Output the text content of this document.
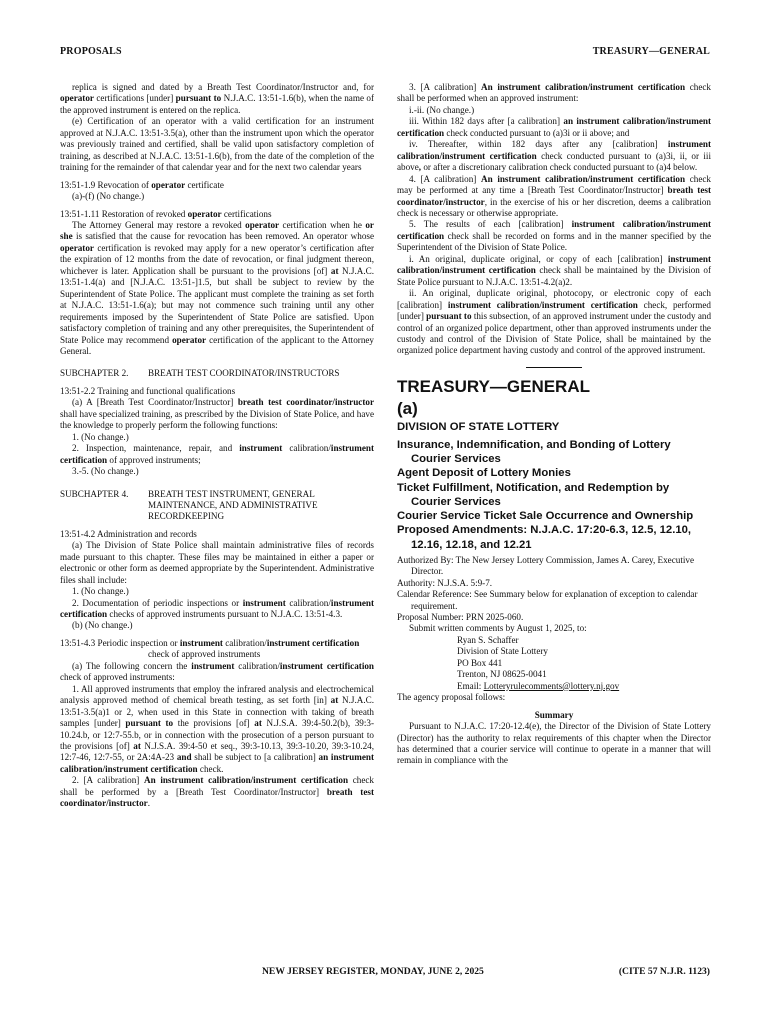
PROPOSALS	TREASURY—GENERAL

replica is signed and dated by a Breath Test Coordinator/Instructor and, for operator certifications [under] pursuant to N.J.A.C. 13:51-1.6(b), when the name of the approved instrument is entered on the replica.

(e) Certification of an operator with a valid certification for an instrument approved at N.J.A.C. 13:51-3.5(a), other than the instrument upon which the operator was previously trained and certified, shall be valid upon satisfactory completion of training, as described at N.J.A.C. 13:51-1.6(b), from the date of the completion of the training for the remainder of that calendar year and for the next two calendar years

13:51-1.9 Revocation of operator certificate

(a)-(f) (No change.)

13:51-1.11 Restoration of revoked operator certifications

The Attorney General may restore a revoked operator certification when he or she is satisfied that the cause for revocation has been removed. An operator whose operator certification is revoked may apply for a new operator’s certification after the expiration of 12 months from the date of revocation, or final judgment thereon, whichever is later. Application shall be pursuant to the provisions [of] at N.J.A.C. 13:51-1.4(a) and [N.J.A.C. 13:51-]1.5, but shall be subject to review by the Superintendent of State Police. The applicant must complete the training as set forth at N.J.A.C. 13:51-1.6(a); but may not commence such training until any other requirements imposed by the Superintendent of State Police are satisfied. Upon satisfactory completion of training and any other prerequisites, the Superintendent of State Police may recommend operator certification of the applicant to the Attorney General.

SUBCHAPTER 2.	BREATH TEST COORDINATOR/INSTRUCTORS

13:51-2.2 Training and functional qualifications

(a) A [Breath Test Coordinator/Instructor] breath test coordinator/instructor shall have specialized training, as prescribed by the Division of State Police, and have the knowledge to properly perform the following functions:

1. (No change.)

2. Inspection, maintenance, repair, and instrument calibration/instrument certification of approved instruments;

3.-5. (No change.)

SUBCHAPTER 4.	BREATH TEST INSTRUMENT, GENERAL MAINTENANCE, AND ADMINISTRATIVE RECORDKEEPING

13:51-4.2 Administration and records

(a) The Division of State Police shall maintain administrative files of records made pursuant to this chapter. These files may be maintained in either a paper or electronic or other form as deemed appropriate by the Superintendent. Administrative files shall include:

1. (No change.)

2. Documentation of periodic inspections or instrument calibration/instrument certification checks of approved instruments pursuant to N.J.A.C. 13:51-4.3.

(b) (No change.)

13:51-4.3 Periodic inspection or instrument calibration/instrument certification check of approved instruments

(a) The following concern the instrument calibration/instrument certification check of approved instruments:

1. All approved instruments that employ the infrared analysis and electrochemical analysis approved method of chemical breath testing, as set forth [in] at N.J.A.C. 13:51-3.5(a)1 or 2, when used in this State in connection with taking of breath samples [under] pursuant to the provisions [of] at N.J.S.A. 39:4-50.2(b), 39:3-10.24.b, or 12:7-55.b, or in connection with the prosecution of a person pursuant to the provisions [of] at N.J.S.A. 39:4-50 et seq., 39:3-10.13, 39:3-10.20, 39:3-10.24, 12:7-46, 12:7-55, or 2A:4A-23 and shall be subject to [a calibration] an instrument calibration/instrument certification check.

2. [A calibration] An instrument calibration/instrument certification check shall be performed by a [Breath Test Coordinator/Instructor] breath test coordinator/instructor.

3. [A calibration] An instrument calibration/instrument certification check shall be performed when an approved instrument:

i.-ii. (No change.)

iii. Within 182 days after [a calibration] an instrument calibration/instrument certification check conducted pursuant to (a)3i or ii above; and

iv. Thereafter, within 182 days after any [calibration] instrument calibration/instrument certification check conducted pursuant to (a)3i, ii, or iii above, or after a discretionary calibration check conducted pursuant to (a)4 below.

4. [A calibration] An instrument calibration/instrument certification check may be performed at any time a [Breath Test Coordinator/Instructor] breath test coordinator/instructor, in the exercise of his or her discretion, deems a calibration check is necessary or otherwise appropriate.

5. The results of each [calibration] instrument calibration/instrument certification check shall be recorded on forms and in the manner specified by the Superintendent of the Division of State Police.

i. An original, duplicate original, or copy of each [calibration] instrument calibration/instrument certification check shall be maintained by the Division of State Police pursuant to N.J.A.C. 13:51-4.2(a)2.

ii. An original, duplicate original, photocopy, or electronic copy of each [calibration] instrument calibration/instrument certification check, performed [under] pursuant to this subsection, of an approved instrument under the custody and control of an organized police department, other than approved instruments under the custody and control of the Division of State Police, shall be maintained by the organized police department having custody and control of the approved instrument.

TREASURY—GENERAL

(a)

DIVISION OF STATE LOTTERY

Insurance, Indemnification, and Bonding of Lottery Courier Services

Agent Deposit of Lottery Monies

Ticket Fulfillment, Notification, and Redemption by Courier Services

Courier Service Ticket Sale Occurrence and Ownership

Proposed Amendments: N.J.A.C. 17:20-6.3, 12.5, 12.10, 12.16, 12.18, and 12.21

Authorized By: The New Jersey Lottery Commission, James A. Carey, Executive Director.

Authority: N.J.S.A. 5:9-7.

Calendar Reference: See Summary below for explanation of exception to calendar requirement.

Proposal Number: PRN 2025-060.

Submit written comments by August 1, 2025, to:

Ryan S. Schaffer

Division of State Lottery

PO Box 441

Trenton, NJ 08625-0041

Email: Lotteryrulecomments@lottery.nj.gov

The agency proposal follows:

Summary

Pursuant to N.J.A.C. 17:20-12.4(e), the Director of the Division of State Lottery (Director) has the authority to relax requirements of this chapter when the Director has determined that a courier service will continue to operate in a manner that will remain in compliance with the

NEW JERSEY REGISTER, MONDAY, JUNE 2, 2025	(CITE 57 N.J.R. 1123)
